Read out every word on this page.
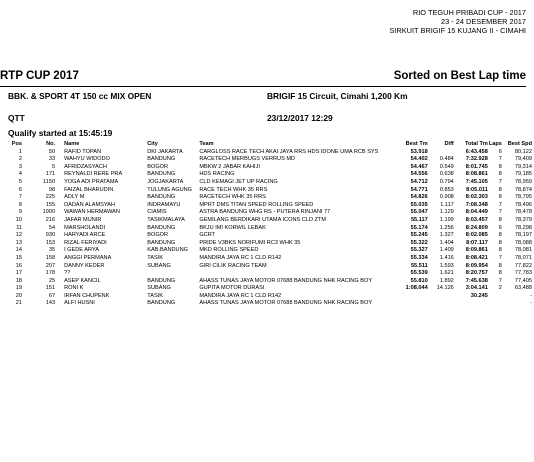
RIO TEGUH PRIBADI CUP - 2017
23 - 24 DESEMBER 2017
SIRKUIT BRIGIF 15 KUJANG II - CIMAHI
RTP CUP 2017	Sorted on Best Lap time
BBK. & SPORT 4T 150 cc MIX OPEN	BRIGIF 15 Circuit, Cimahi 1,200 Km
QTT	23/12/2017 12:29
Qualify started at 15:45:19
Pos	No.	Name	City	Team	Best Tm	Diff	Total Tm	Laps	Best Spd
1	50	RAFID TOPAN	DKI JAKARTA	CARGLOSS RACE TECH AKAI JAYA RRS HDS IDONE UMA RCB SYS	53.918		6:43.458	6	80,122
2	33	WAHYU WIDODO	BANDUNG	RACETECH MERBUGS VERRUS MD	54.402	0.484	7:32.928	7	79,409
3	5	AFRIDZASYACH	BOGOR	MBKW 2 JABAR KAHIJI	54.467	0.549	8:01.745	8	79,314
4	171	REYNALDI RERE PRA	BANDUNG	HDS RACING	54.556	0.638	8:08.861	8	79,185
5	1150	YOGA ADI PRATAMA	JOGJAKARTA	CLD KEMAGI JET UP RACING	54.712	0.794	7:45.105	7	78,959
6	98	FAIZAL BHARUDIN	TULUNG AGUNG	RACE TECH WHK 35 RRS	54.771	0.853	8:05.011	8	78,874
7	225	ADLY M	BANDUNG	RACETECH WHK 35 RRS	54.826	0.908	8:02.303	8	78,795
8	155	DADAN ALAMSYAH	INDRAMAYU	MPRT DMS TITAN SPEED ROLLING SPEED	55.035	1.117	7:08.348	7	78,496
9	1900	WAWAN HERMAWAN	CIAMIS	ASTRA BANDUNG WHG RS - PUTERA RINJANI 77	55.047	1.129	8:04.449	7	78,478
10	216	JAFAR MUNIR	TASIKMALAYA	GEMILANG BERDIKARI UTAMA ICONS CLD ZTM	55.117	1.199	8:03.457	8	78,379
11	54	MARSHOLANDI	BANDUNG	BKJU IMI KORWIL LEBAK	55.174	1.256	8:24.809	6	78,298
12	930	HARYADI ARCE	BOGOR	GCRT	55.245	1.327	8:02.085	8	78,197
13	153	RIZAL FERIYADI	BANDUNG	PRIDE V3BKS NORIFUMI RC3 WHK 35	55.322	1.404	8:07.117	8	78,088
14	35	I GEDE ARYA	KAB.BANDUNG	MKD ROLLING SPEED	55.327	1.409	8:09.861	8	78,081
15	158	ANGGI PERMANA	TASIK	MANDIRA JAYA RC 1 CLD R142	55.334	1.416	8:08.421	7	78,071
16	207	DANNY KEDER	SUBANG	GIRI CILIK RACING TEAM	55.511	1.593	8:09.954	8	77,822
17	178	??			55.539	1.621	8:20.757	8	77,783
18	25	ASEP KANCIL	BANDUNG	AHASS TUNAS JAYA MOTOR 07688 BANDUNG NHK RACING BOY	55.810	1.892	7:45.638	7	77,405
19	151	RONI K	SUBANG	GUPITA MOTOR DURASI	1:08.044	14.126	3:04.141	2	63,488
20	67	IRFAN CHUPENK	TASIK	MANDIRA JAYA RC 1 CLD R142			30.245		-
21	143	ALFI HUSNI	BANDUNG	AHASS TUNAS JAYA MOTOR 07688 BANDUNG NHK RACING BOY					-
